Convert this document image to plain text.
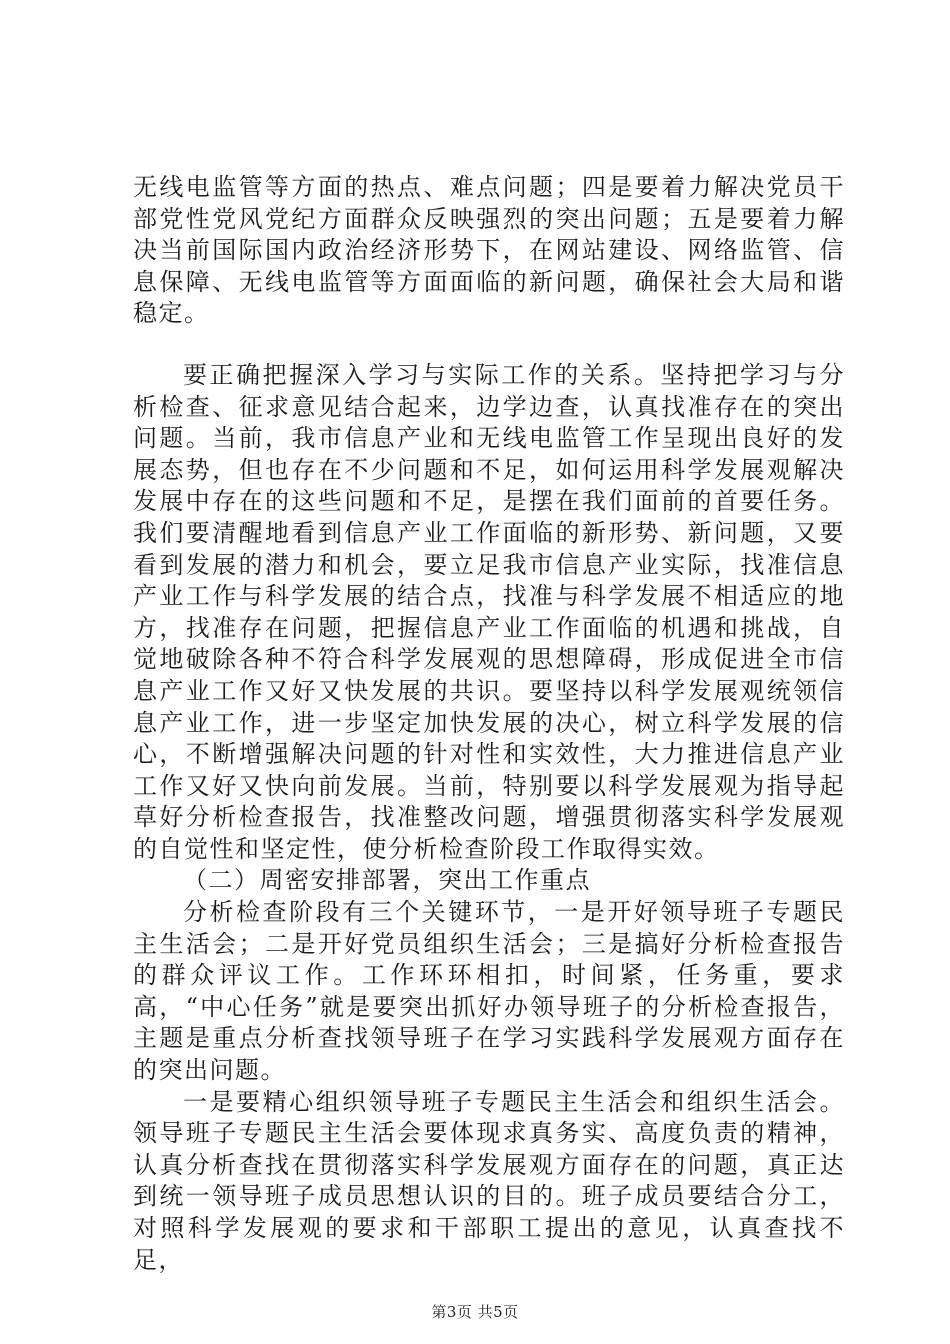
无线电监管等方面的热点、难点问题；四是要着力解决党员干部党性党风党纪方面群众反映强烈的突出问题；五是要着力解决当前国际国内政治经济形势下，在网站建设、网络监管、信息保障、无线电监管等方面面临的新问题，确保社会大局和谐稳定。

要正确把握深入学习与实际工作的关系。坚持把学习与分析检查、征求意见结合起来，边学边查，认真找准存在的突出问题。当前，我市信息产业和无线电监管工作呈现出良好的发展态势，但也存在不少问题和不足，如何运用科学发展观解决发展中存在的这些问题和不足，是摆在我们面前的首要任务。我们要清醒地看到信息产业工作面临的新形势、新问题，又要看到发展的潜力和机会，要立足我市信息产业实际，找准信息产业工作与科学发展的结合点，找准与科学发展不相适应的地方，找准存在问题，把握信息产业工作面临的机遇和挑战，自觉地破除各种不符合科学发展观的思想障碍，形成促进全市信息产业工作又好又快发展的共识。要坚持以科学发展观统领信息产业工作，进一步坚定加快发展的决心，树立科学发展的信心，不断增强解决问题的针对性和实效性，大力推进信息产业工作又好又快向前发展。当前，特别要以科学发展观为指导起草好分析检查报告，找准整改问题，增强贯彻落实科学发展观的自觉性和坚定性，使分析检查阶段工作取得实效。

（二）周密安排部署，突出工作重点

分析检查阶段有三个关键环节，一是开好领导班子专题民主生活会；二是开好党员组织生活会；三是搞好分析检查报告的群众评议工作。工作环环相扣，时间紧，任务重，要求高，“中心任务”就是要突出抓好办领导班子的分析检查报告，主题是重点分析查找领导班子在学习实践科学发展观方面存在的突出问题。

一是要精心组织领导班子专题民主生活会和组织生活会。领导班子专题民主生活会要体现求真务实、高度负责的精神，认真分析查找在贯彻落实科学发展观方面存在的问题，真正达到统一领导班子成员思想认识的目的。班子成员要结合分工，对照科学发展观的要求和干部职工提出的意见，认真查找不足，

第3页 共5页
